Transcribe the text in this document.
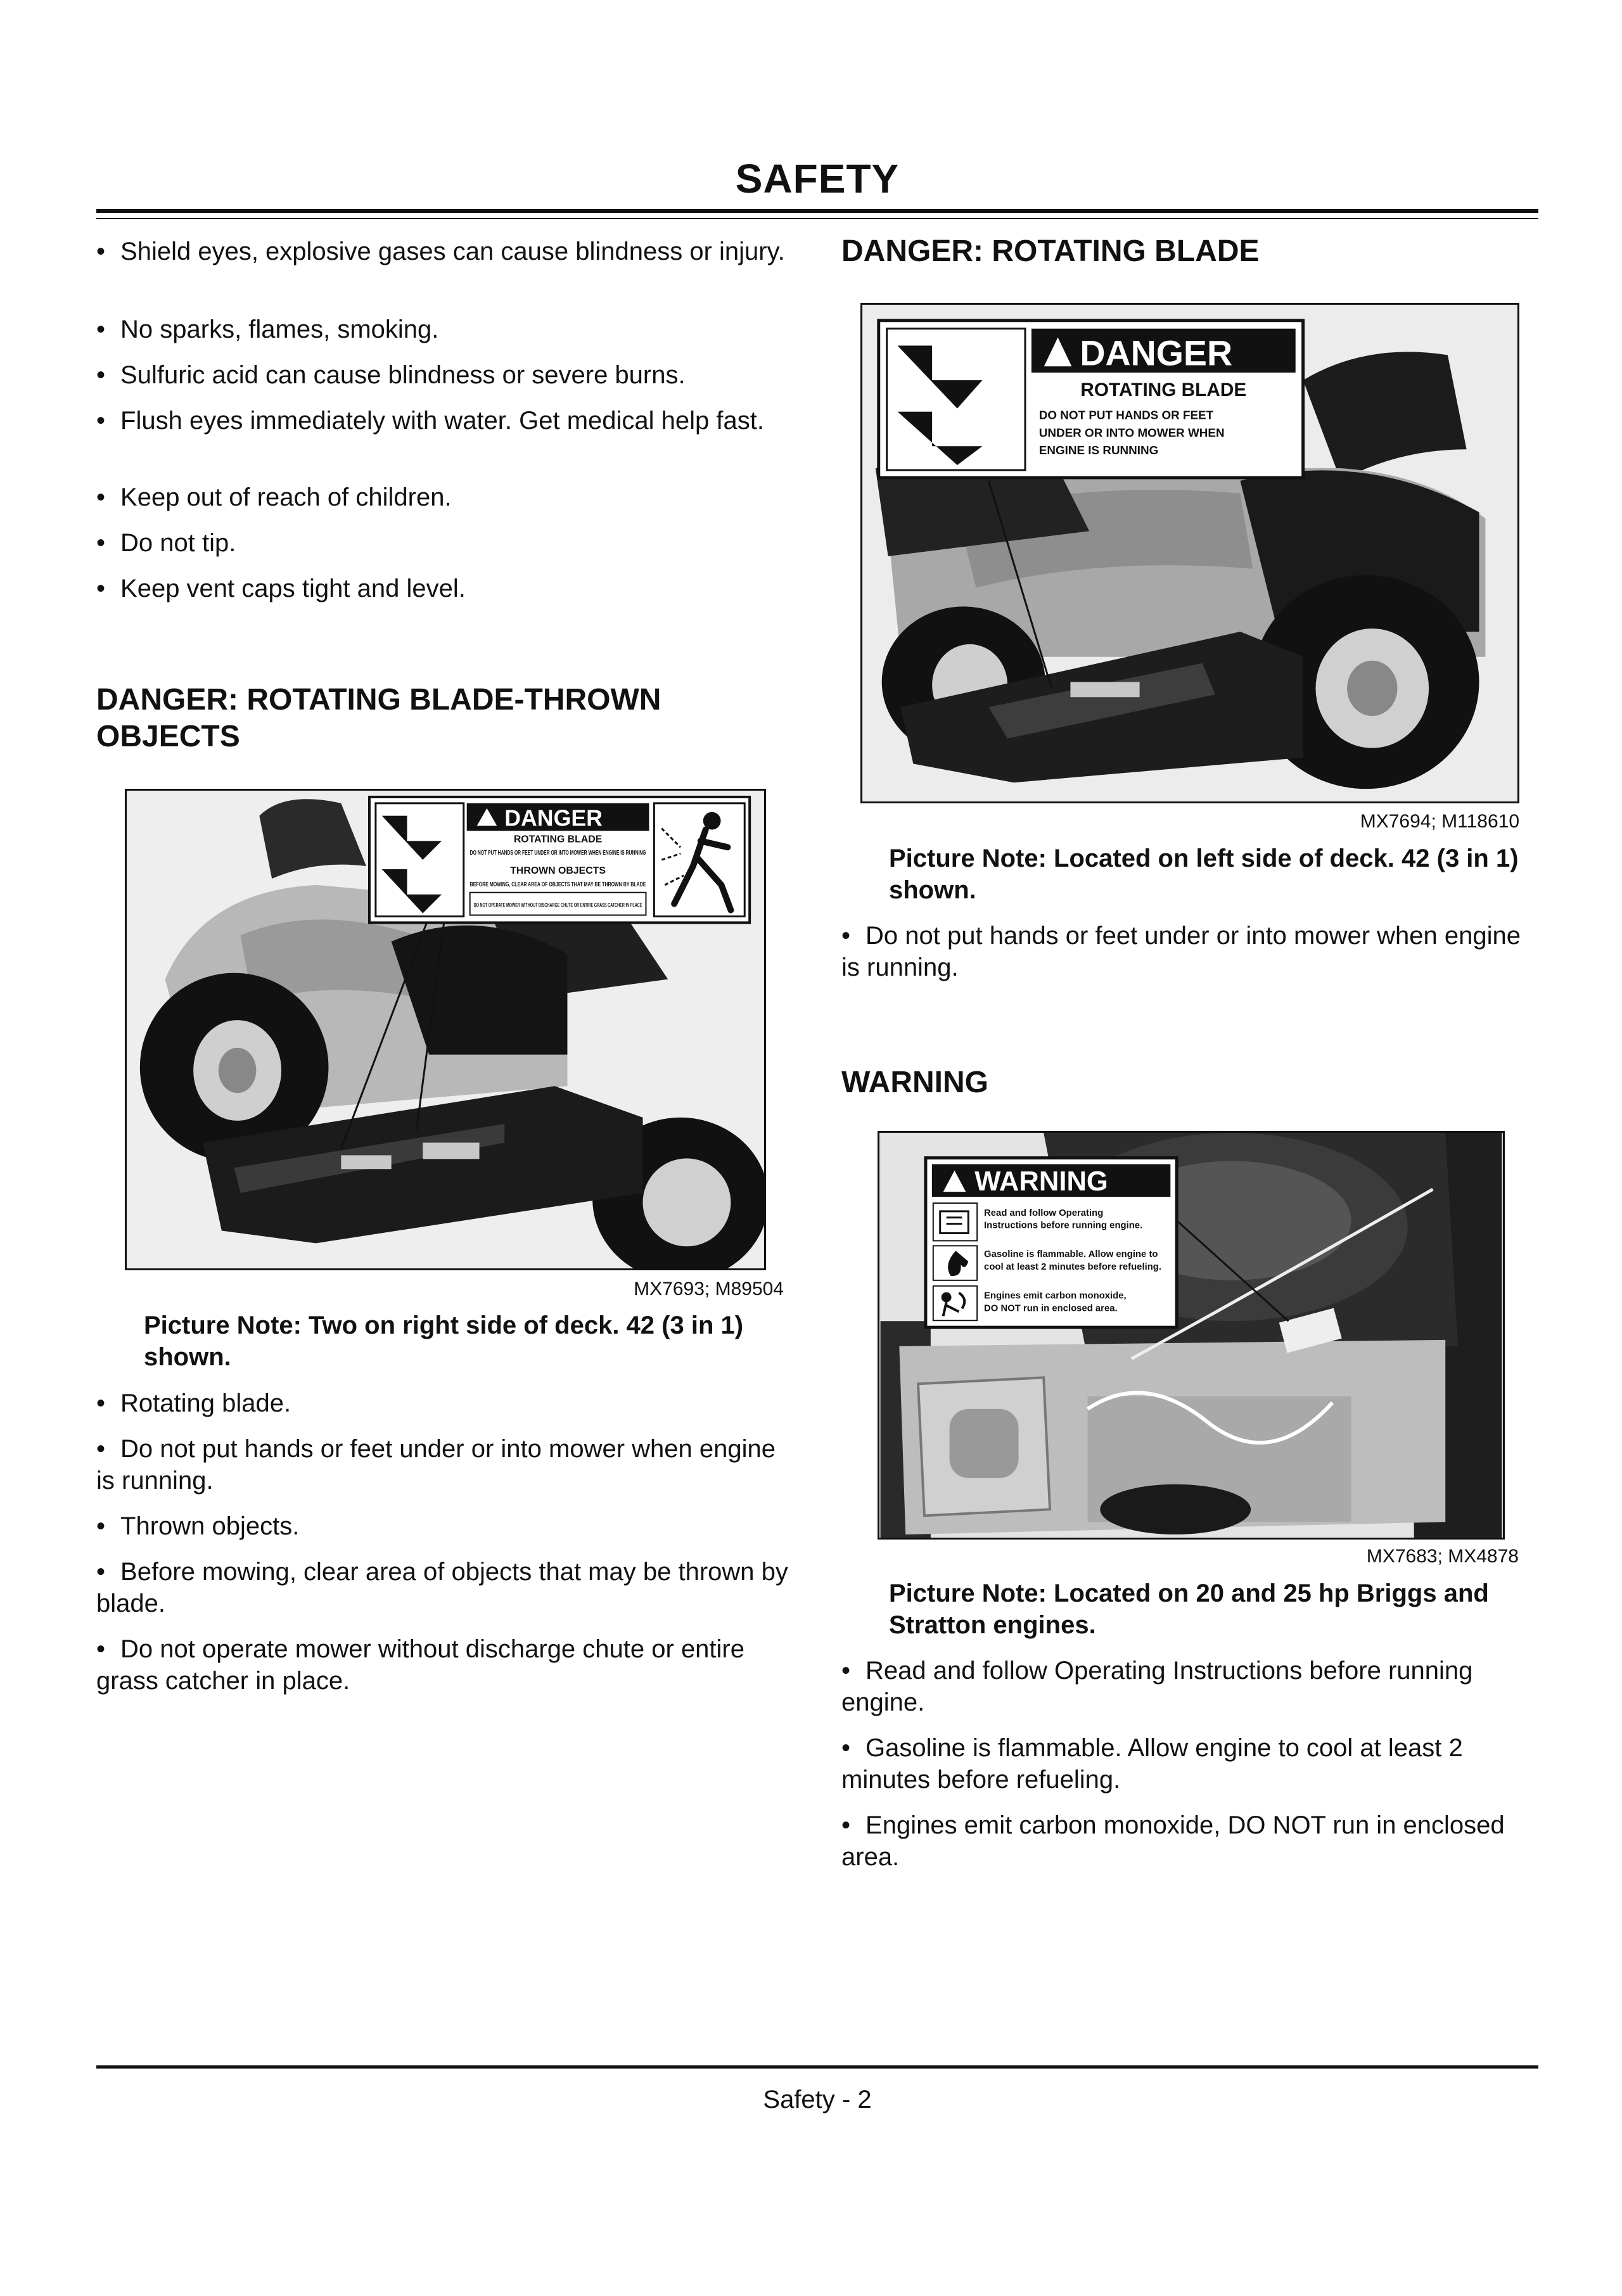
SAFETY
• Shield eyes, explosive gases can cause blindness or injury.
• No sparks, flames, smoking.
• Sulfuric acid can cause blindness or severe burns.
• Flush eyes immediately with water. Get medical help fast.
• Keep out of reach of children.
• Do not tip.
• Keep vent caps tight and level.
DANGER: ROTATING BLADE-THROWN OBJECTS
DANGER
ROTATING BLADE
DO NOT PUT HANDS OR FEET UNDER OR INTO MOWER WHEN ENGINE IS RUNNING
THROWN OBJECTS
BEFORE MOWING, CLEAR AREA OF OBJECTS THAT MAY BE THROWN BY BLADE
DO NOT OPERATE MOWER WITHOUT DISCHARGE CHUTE OR ENTIRE GRASS CATCHER IN PLACE
MX7693; M89504
Picture Note: Two on right side of deck. 42 (3 in 1) shown.
• Rotating blade.
• Do not put hands or feet under or into mower when engine is running.
• Thrown objects.
• Before mowing, clear area of objects that may be thrown by blade.
• Do not operate mower without discharge chute or entire grass catcher in place.
DANGER: ROTATING BLADE
DANGER
ROTATING BLADE
DO NOT PUT HANDS OR FEET
UNDER OR INTO MOWER WHEN
ENGINE IS RUNNING
MX7694; M118610
Picture Note: Located on left side of deck. 42 (3 in 1) shown.
• Do not put hands or feet under or into mower when engine is running.
WARNING
WARNING
Read and follow Operating
Instructions before running engine.
Gasoline is flammable. Allow engine to
cool at least 2 minutes before refueling.
Engines emit carbon monoxide,
DO NOT run in enclosed area.
MX7683; MX4878
Picture Note: Located on 20 and 25 hp Briggs and Stratton engines.
• Read and follow Operating Instructions before running engine.
• Gasoline is flammable. Allow engine to cool at least 2 minutes before refueling.
• Engines emit carbon monoxide, DO NOT run in enclosed area.
Safety - 2
